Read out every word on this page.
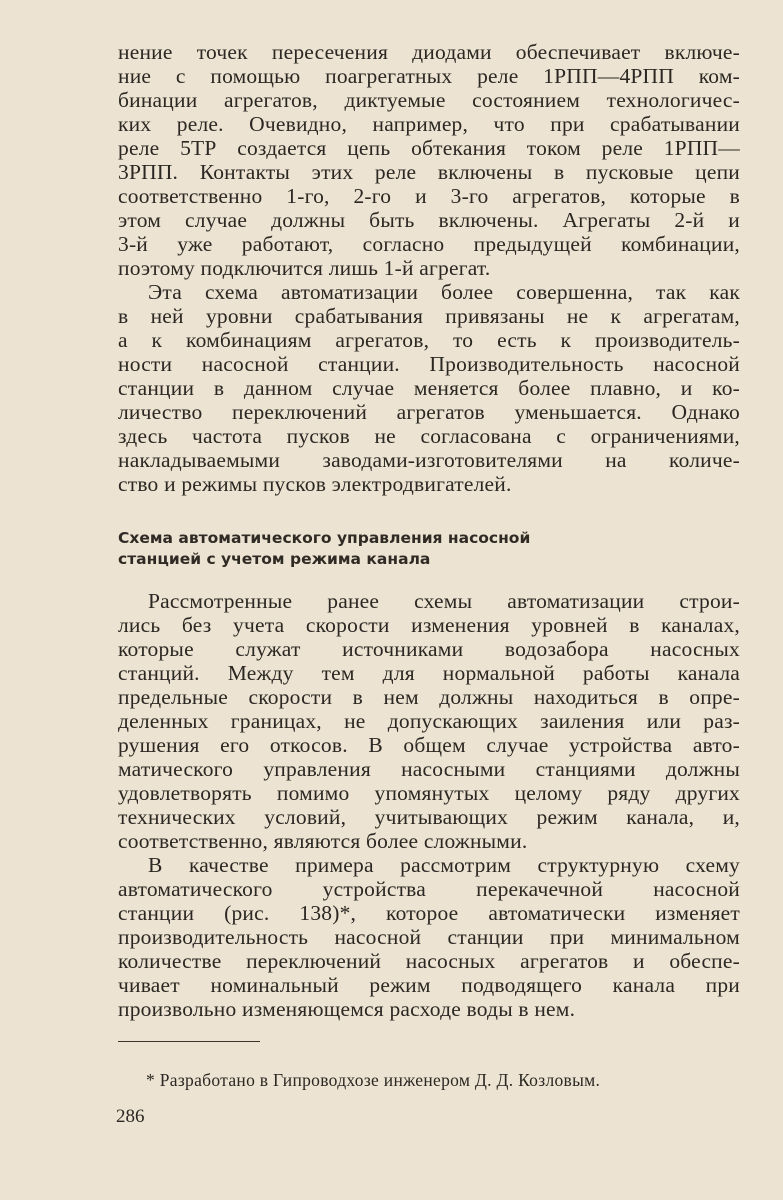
нение точек пересечения диодами обеспечивает включе-
ние с помощью поагрегатных реле 1РПП—4РПП ком-
бинации агрегатов, диктуемые состоянием технологичес-
ких реле. Очевидно, например, что при срабатывании
реле 5ТР создается цепь обтекания током реле 1РПП—
3РПП. Контакты этих реле включены в пусковые цепи
соответственно 1-го, 2-го и 3-го агрегатов, которые в
этом случае должны быть включены. Агрегаты 2-й и
3-й уже работают, согласно предыдущей комбинации,
поэтому подключится лишь 1-й агрегат.
Эта схема автоматизации более совершенна, так как
в ней уровни срабатывания привязаны не к агрегатам,
а к комбинациям агрегатов, то есть к производитель-
ности насосной станции. Производительность насосной
станции в данном случае меняется более плавно, и ко-
личество переключений агрегатов уменьшается. Однако
здесь частота пусков не согласована с ограничениями,
накладываемыми заводами-изготовителями на количе-
ство и режимы пусков электродвигателей.
Схема автоматического управления насосной
станцией с учетом режима канала
Рассмотренные ранее схемы автоматизации строи-
лись без учета скорости изменения уровней в каналах,
которые служат источниками водозабора насосных
станций. Между тем для нормальной работы канала
предельные скорости в нем должны находиться в опре-
деленных границах, не допускающих заиления или раз-
рушения его откосов. В общем случае устройства авто-
матического управления насосными станциями должны
удовлетворять помимо упомянутых целому ряду других
технических условий, учитывающих режим канала, и,
соответственно, являются более сложными.
В качестве примера рассмотрим структурную схему
автоматического устройства перекачечной насосной
станции (рис. 138)*, которое автоматически изменяет
производительность насосной станции при минимальном
количестве переключений насосных агрегатов и обеспе-
чивает номинальный режим подводящего канала при
произвольно изменяющемся расходе воды в нем.
* Разработано в Гипроводхозе инженером Д. Д. Козловым.
286
